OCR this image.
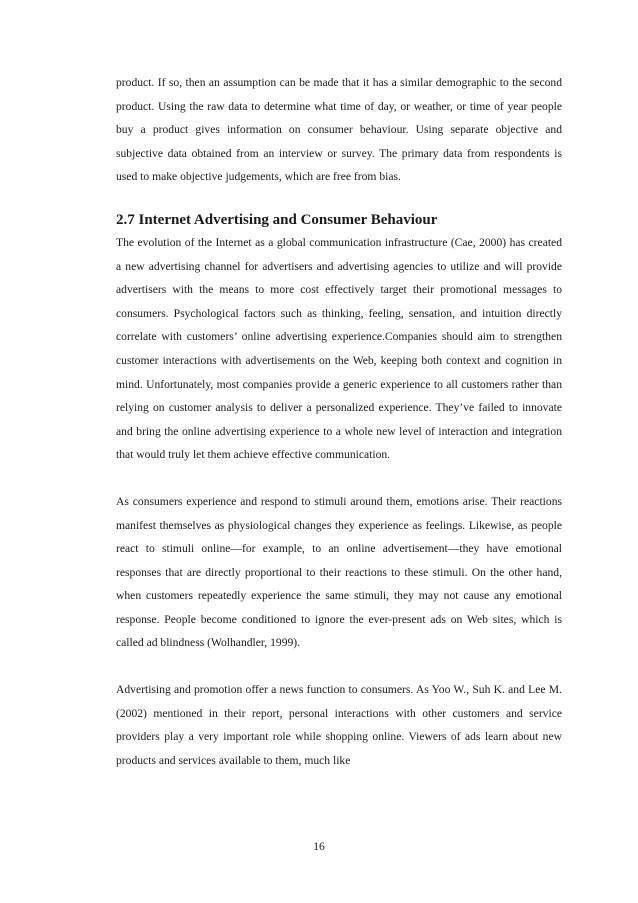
product. If so, then an assumption can be made that it has a similar demographic to the second product. Using the raw data to determine what time of day, or weather, or time of year people buy a product gives information on consumer behaviour. Using separate objective and subjective data obtained from an interview or survey. The primary data from respondents is used to make objective judgements, which are free from bias.

2.7 Internet Advertising and Consumer Behaviour

The evolution of the Internet as a global communication infrastructure (Cae, 2000) has created a new advertising channel for advertisers and advertising agencies to utilize and will provide advertisers with the means to more cost effectively target their promotional messages to consumers. Psychological factors such as thinking, feeling, sensation, and intuition directly correlate with customers’ online advertising experience.Companies should aim to strengthen customer interactions with advertisements on the Web, keeping both context and cognition in mind. Unfortunately, most companies provide a generic experience to all customers rather than relying on customer analysis to deliver a personalized experience. They’ve failed to innovate and bring the online advertising experience to a whole new level of interaction and integration that would truly let them achieve effective communication.

As consumers experience and respond to stimuli around them, emotions arise. Their reactions manifest themselves as physiological changes they experience as feelings. Likewise, as people react to stimuli online—for example, to an online advertisement—they have emotional responses that are directly proportional to their reactions to these stimuli. On the other hand, when customers repeatedly experience the same stimuli, they may not cause any emotional response. People become conditioned to ignore the ever-present ads on Web sites, which is called ad blindness (Wolhandler, 1999).

Advertising and promotion offer a news function to consumers. As Yoo W., Suh K. and Lee M. (2002) mentioned in their report, personal interactions with other customers and service providers play a very important role while shopping online. Viewers of ads learn about new products and services available to them, much like

16
